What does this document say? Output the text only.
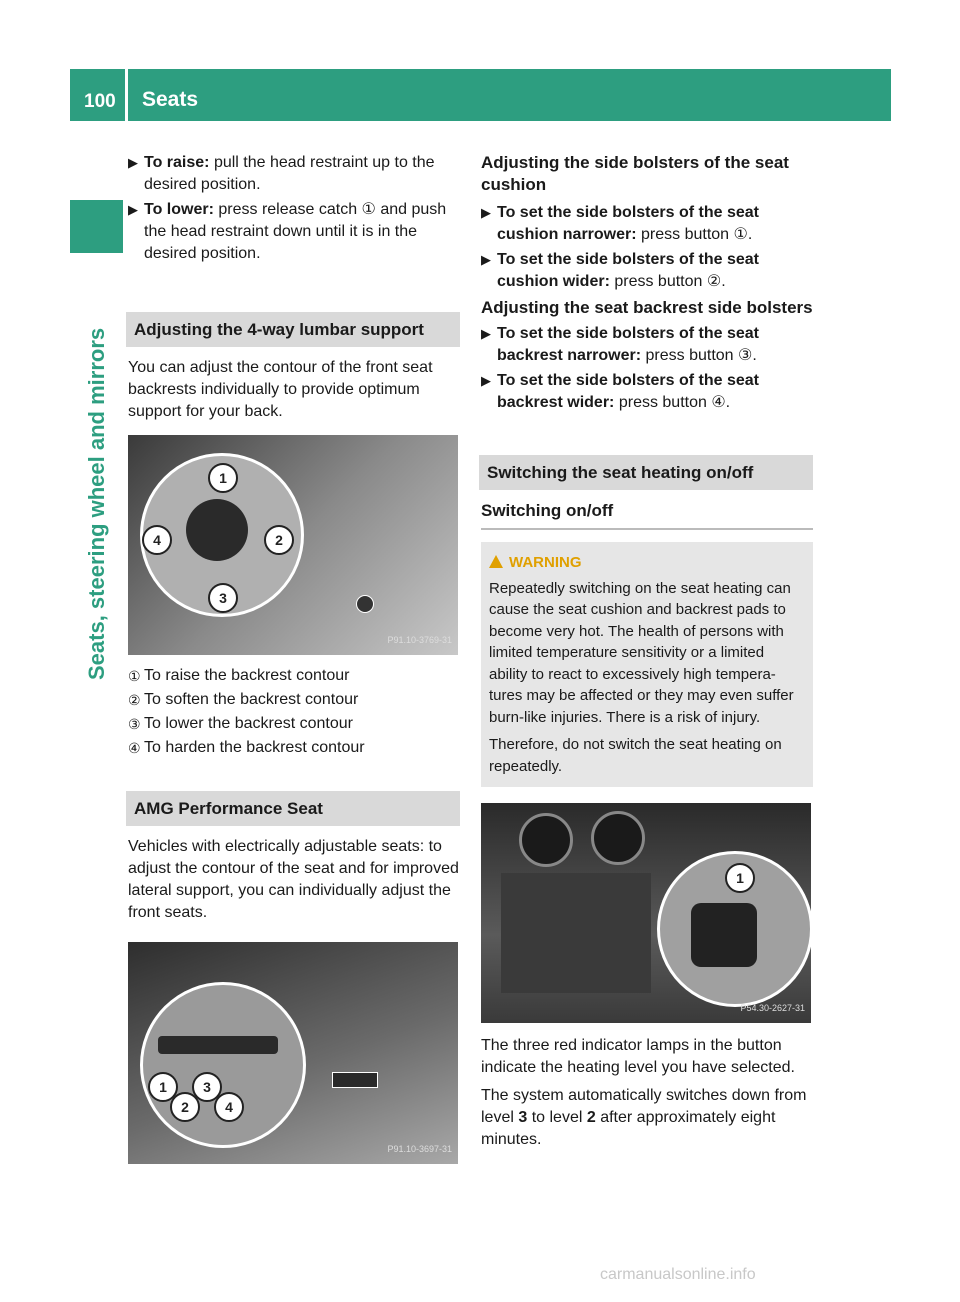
100 Seats
Seats, steering wheel and mirrors
▶ To raise: pull the head restraint up to the desired position.
▶ To lower: press release catch ① and push the head restraint down until it is in the desired position.
Adjusting the 4-way lumbar support
You can adjust the contour of the front seat backrests individually to provide optimum support for your back.
1
2
3
4
P91.10-3769-31
① To raise the backrest contour
② To soften the backrest contour
③ To lower the backrest contour
④ To harden the backrest contour
AMG Performance Seat
Vehicles with electrically adjustable seats: to adjust the contour of the seat and for improved lateral support, you can individually adjust the front seats.
1
2
3
4
P91.10-3697-31
Adjusting the side bolsters of the seat cushion
▶ To set the side bolsters of the seat cushion narrower: press button ①.
▶ To set the side bolsters of the seat cushion wider: press button ②.
Adjusting the seat backrest side bolsters
▶ To set the side bolsters of the seat backrest narrower: press button ③.
▶ To set the side bolsters of the seat backrest wider: press button ④.
Switching the seat heating on/off
Switching on/off
WARNING
Repeatedly switching on the seat heating can cause the seat cushion and backrest pads to become very hot. The health of persons with limited temperature sensitivity or a limited ability to react to excessively high tempera-tures may be affected or they may even suffer burn-like injuries. There is a risk of injury.
Therefore, do not switch the seat heating on repeatedly.
1
P54.30-2627-31
The three red indicator lamps in the button indicate the heating level you have selected.
The system automatically switches down from level 3 to level 2 after approximately eight minutes.
carmanualsonline.info
